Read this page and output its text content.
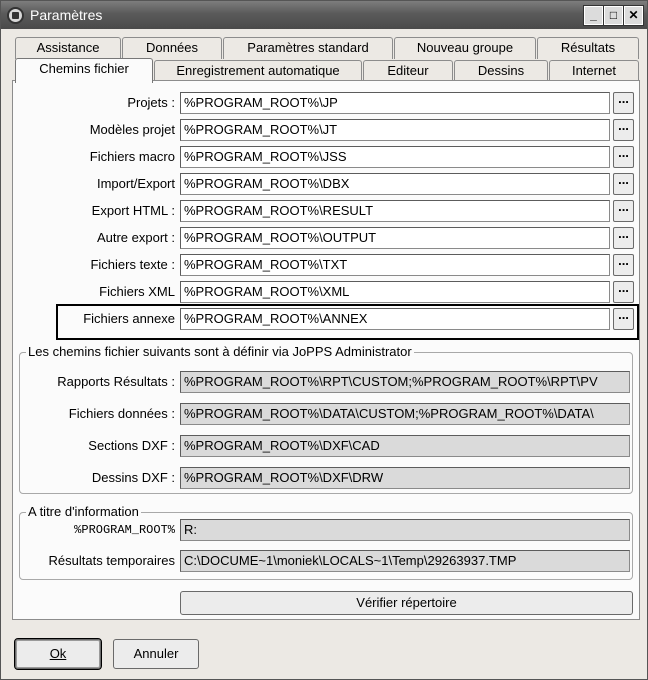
Paramètres	_	□ ✕
Assistance	Données	Paramètres standard	Nouveau groupe	Résultats
Chemins fichier	Enregistrement automatique	Editeur	Dessins	Internet
Projets : %PROGRAM_ROOT%\JP	...
Modèles projet %PROGRAM_ROOT%\JT	...
Fichiers macro %PROGRAM_ROOT%\JSS	...
Import/Export %PROGRAM_ROOT%\DBX	...
Export HTML : %PROGRAM_ROOT%\RESULT	...
Autre export : %PROGRAM_ROOT%\OUTPUT	...
Fichiers texte : %PROGRAM_ROOT%\TXT	...
Fichiers XML %PROGRAM_ROOT%\XML	...
Fichiers annexe %PROGRAM_ROOT%\ANNEX	...
Les chemins fichier suivants sont à définir via JoPPS Administrator
Rapports Résultats : %PROGRAM_ROOT%\RPT\CUSTOM;%PROGRAM_ROOT%\RPT\PV
Fichiers données : %PROGRAM_ROOT%\DATA\CUSTOM;%PROGRAM_ROOT%\DATA\
Sections DXF : %PROGRAM_ROOT%\DXF\CAD
Dessins DXF : %PROGRAM_ROOT%\DXF\DRW
A titre d'information
%PROGRAM_ROOT% R:
Résultats temporaires C:\DOCUME~1\moniek\LOCALS~1\Temp\29263937.TMP
Vérifier répertoire
Ok	Annuler
